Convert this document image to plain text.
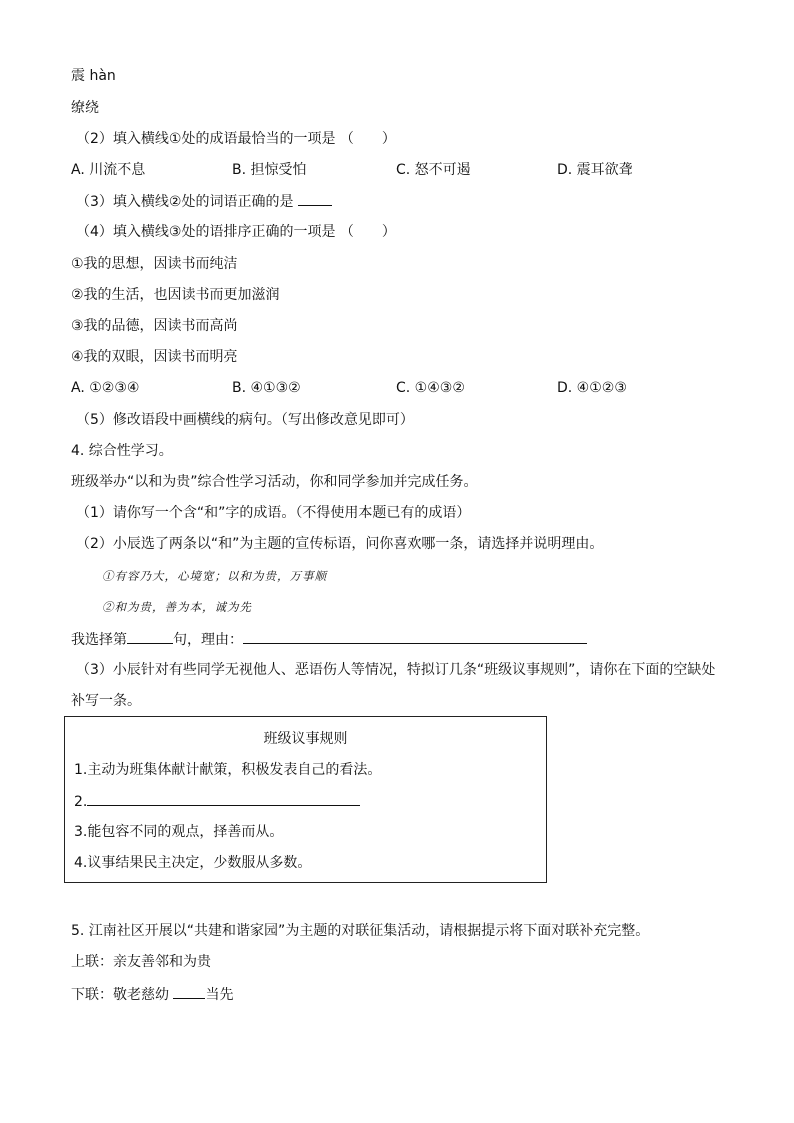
震 hàn
缭绕
（2）填入横线①处的成语最恰当的一项是 （　　）
A. 川流不息	B. 担惊受怕	C. 怒不可遏	D. 震耳欲聋
（3）填入横线②处的词语正确的是
（4）填入横线③处的语排序正确的一项是 （　　）
①我的思想，因读书而纯洁
②我的生活，也因读书而更加滋润
③我的品德，因读书而高尚
④我的双眼，因读书而明亮
A. ①②③④	B. ④①③②	C. ①④③②	D. ④①②③
（5）修改语段中画横线的病句。（写出修改意见即可）
4. 综合性学习。
班级举办“以和为贵”综合性学习活动，你和同学参加并完成任务。
（1）请你写一个含“和”字的成语。（不得使用本题已有的成语）
（2）小辰选了两条以“和”为主题的宣传标语，问你喜欢哪一条，请选择并说明理由。
①有容乃大，心境宽；以和为贵，万事顺
②和为贵，善为本，诚为先
我选择第	句，理由：
（3）小辰针对有些同学无视他人、恶语伤人等情况，特拟订几条“班级议事规则”，请你在下面的空缺处
补写一条。
班级议事规则
1.主动为班集体献计献策，积极发表自己的看法。
2.
3.能包容不同的观点，择善而从。
4.议事结果民主决定，少数服从多数。
5. 江南社区开展以“共建和谐家园”为主题的对联征集活动，请根据提示将下面对联补充完整。
上联：亲友善邻和为贵
下联：敬老慈幼 当先
